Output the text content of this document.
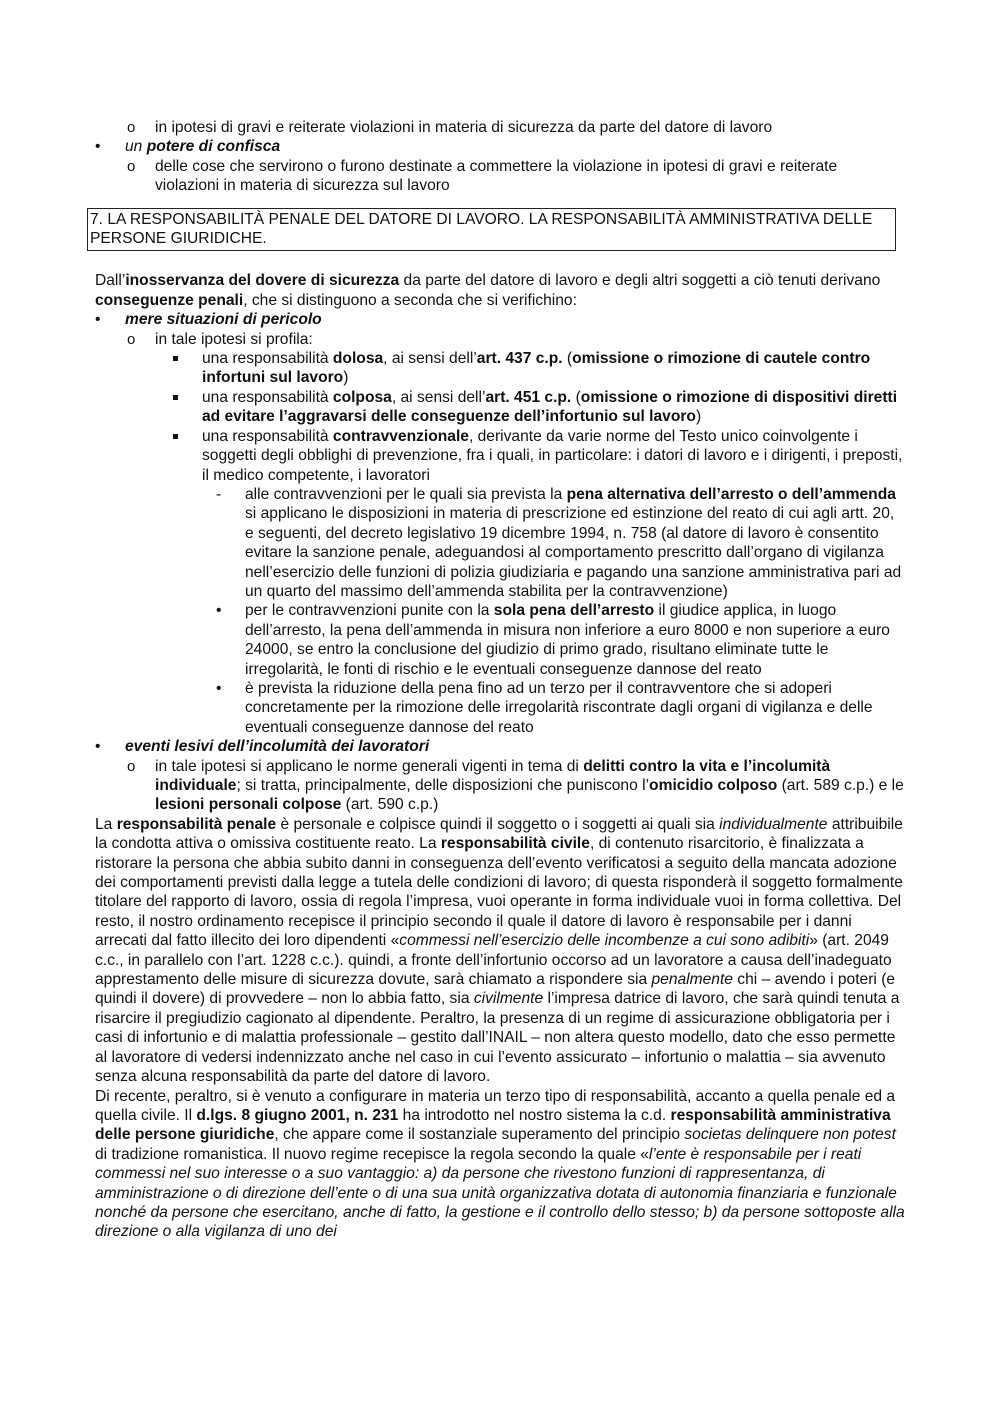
o in ipotesi di gravi e reiterate violazioni in materia di sicurezza da parte del datore di lavoro
• un potere di confisca
o delle cose che servirono o furono destinate a commettere la violazione in ipotesi di gravi e reiterate violazioni in materia di sicurezza sul lavoro
7. LA RESPONSABILITÀ PENALE DEL DATORE DI LAVORO. LA RESPONSABILITÀ AMMINISTRATIVA DELLE PERSONE GIURIDICHE.

Dall’inosservanza del dovere di sicurezza da parte del datore di lavoro e degli altri soggetti a ciò tenuti derivano conseguenze penali, che si distinguono a seconda che si verifichino:

• mere situazioni di pericolo
o in tale ipotesi si profila:
una responsabilità dolosa, ai sensi dell’art. 437 c.p. (omissione o rimozione di cautele contro infortuni sul lavoro)
una responsabilità colposa, ai sensi dell’art. 451 c.p. (omissione o rimozione di dispositivi diretti ad evitare l’aggravarsi delle conseguenze dell’infortunio sul lavoro)
una responsabilità contravvenzionale, derivante da varie norme del Testo unico coinvolgente i soggetti degli obblighi di prevenzione, fra i quali, in particolare: i datori di lavoro e i dirigenti, i preposti, il medico competente, i lavoratori
- alle contravvenzioni per le quali sia prevista la pena alternativa dell’arresto o dell’ammenda si applicano le disposizioni in materia di prescrizione ed estinzione del reato di cui agli artt. 20, e seguenti, del decreto legislativo 19 dicembre 1994, n. 758 (al datore di lavoro è consentito evitare la sanzione penale, adeguandosi al comportamento prescritto dall’organo di vigilanza nell’esercizio delle funzioni di polizia giudiziaria e pagando una sanzione amministrativa pari ad un quarto del massimo dell’ammenda stabilita per la contravvenzione)
• per le contravvenzioni punite con la sola pena dell’arresto il giudice applica, in luogo dell’arresto, la pena dell’ammenda in misura non inferiore a euro 8000 e non superiore a euro 24000, se entro la conclusione del giudizio di primo grado, risultano eliminate tutte le irregolarità, le fonti di rischio e le eventuali conseguenze dannose del reato
• è prevista la riduzione della pena fino ad un terzo per il contravventore che si adoperi concretamente per la rimozione delle irregolarità riscontrate dagli organi di vigilanza e delle eventuali conseguenze dannose del reato
• eventi lesivi dell’incolumità dei lavoratori
o in tale ipotesi si applicano le norme generali vigenti in tema di delitti contro la vita e l’incolumità individuale; si tratta, principalmente, delle disposizioni che puniscono l’omicidio colposo (art. 589 c.p.) e le lesioni personali colpose (art. 590 c.p.)

La responsabilità penale è personale e colpisce quindi il soggetto o i soggetti ai quali sia individualmente attribuibile la condotta attiva o omissiva costituente reato. La responsabilità civile, di contenuto risarcitorio, è finalizzata a ristorare la persona che abbia subito danni in conseguenza dell’evento verificatosi a seguito della mancata adozione dei comportamenti previsti dalla legge a tutela delle condizioni di lavoro; di questa risponderà il soggetto formalmente titolare del rapporto di lavoro, ossia di regola l’impresa, vuoi operante in forma individuale vuoi in forma collettiva. Del resto, il nostro ordinamento recepisce il principio secondo il quale il datore di lavoro è responsabile per i danni arrecati dal fatto illecito dei loro dipendenti «commessi nell’esercizio delle incombenze a cui sono adibiti» (art. 2049 c.c., in parallelo con l’art. 1228 c.c.). quindi, a fronte dell’infortunio occorso ad un lavoratore a causa dell’inadeguato apprestamento delle misure di sicurezza dovute, sarà chiamato a rispondere sia penalmente chi – avendo i poteri (e quindi il dovere) di provvedere – non lo abbia fatto, sia civilmente l’impresa datrice di lavoro, che sarà quindi tenuta a risarcire il pregiudizio cagionato al dipendente. Peraltro, la presenza di un regime di assicurazione obbligatoria per i casi di infortunio e di malattia professionale – gestito dall’INAIL – non altera questo modello, dato che esso permette al lavoratore di vedersi indennizzato anche nel caso in cui l’evento assicurato – infortunio o malattia – sia avvenuto senza alcuna responsabilità da parte del datore di lavoro.

Di recente, peraltro, si è venuto a configurare in materia un terzo tipo di responsabilità, accanto a quella penale ed a quella civile. Il d.lgs. 8 giugno 2001, n. 231 ha introdotto nel nostro sistema la c.d. responsabilità amministrativa delle persone giuridiche, che appare come il sostanziale superamento del principio societas delinquere non potest di tradizione romanistica. Il nuovo regime recepisce la regola secondo la quale «l’ente è responsabile per i reati commessi nel suo interesse o a suo vantaggio: a) da persone che rivestono funzioni di rappresentanza, di amministrazione o di direzione dell’ente o di una sua unità organizzativa dotata di autonomia finanziaria e funzionale nonché da persone che esercitano, anche di fatto, la gestione e il controllo dello stesso; b) da persone sottoposte alla direzione o alla vigilanza di uno dei
